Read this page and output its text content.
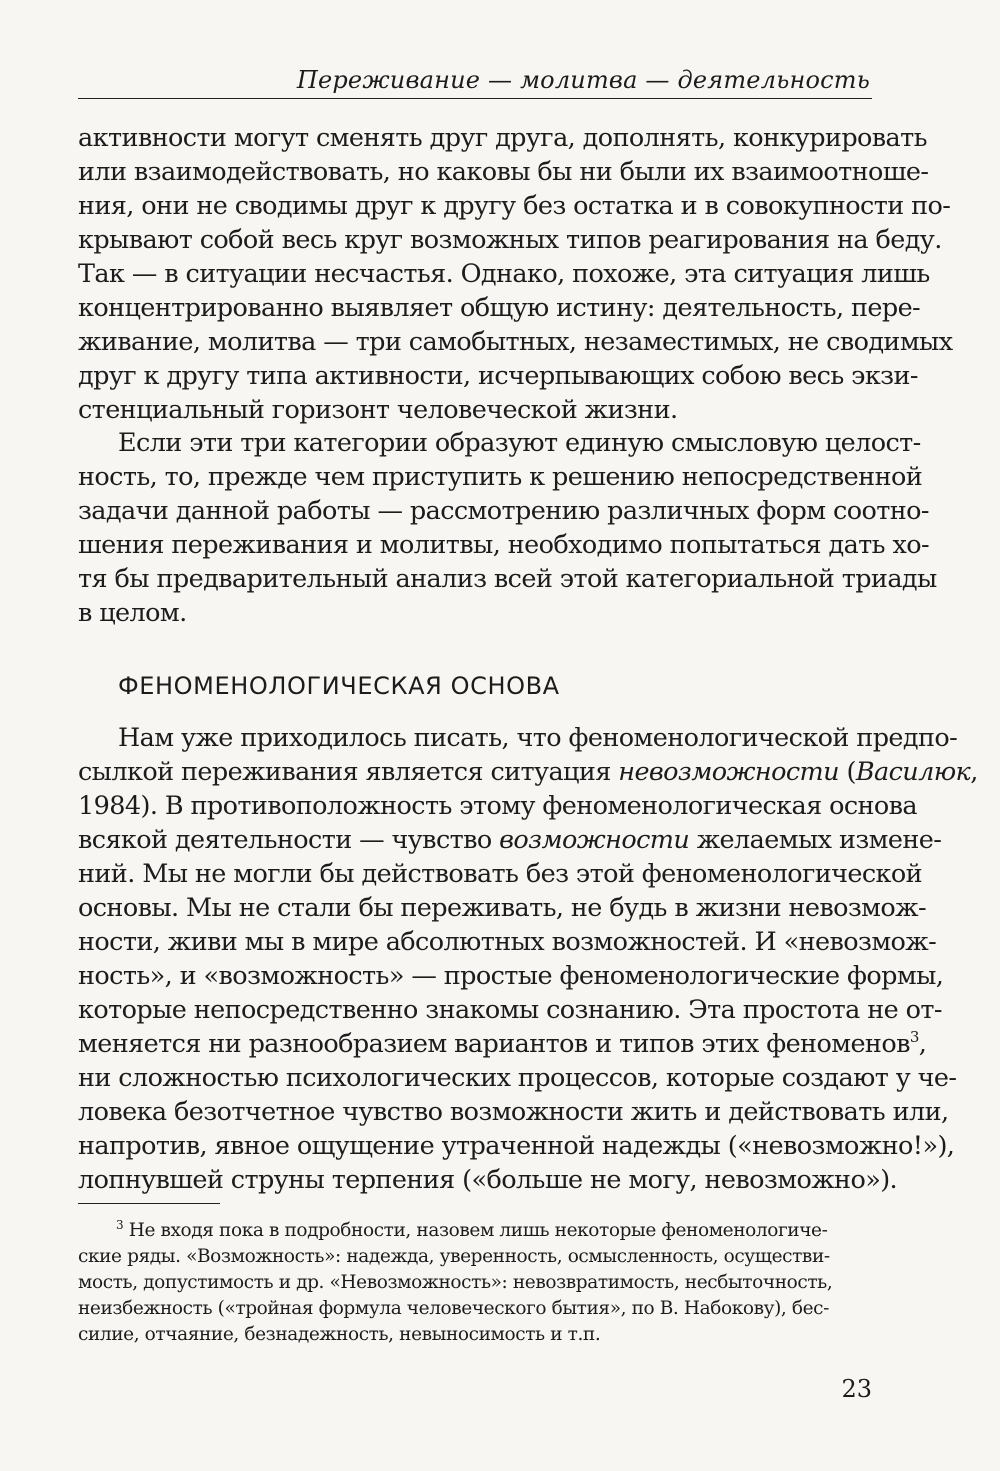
Переживание — молитва — деятельность
активности могут сменять друг друга, дополнять, конкурировать
или взаимодействовать, но каковы бы ни были их взаимоотноше-
ния, они не сводимы друг к другу без остатка и в совокупности по-
крывают собой весь круг возможных типов реагирования на беду.
Так — в ситуации несчастья. Однако, похоже, эта ситуация лишь
концентрированно выявляет общую истину: деятельность, пере-
живание, молитва — три самобытных, незаместимых, не сводимых
друг к другу типа активности, исчерпывающих собою весь экзи-
стенциальный горизонт человеческой жизни.
Если эти три категории образуют единую смысловую целост-
ность, то, прежде чем приступить к решению непосредственной
задачи данной работы — рассмотрению различных форм соотно-
шения переживания и молитвы, необходимо попытаться дать хо-
тя бы предварительный анализ всей этой категориальной триады
в целом.
ФЕНОМЕНОЛОГИЧЕСКАЯ ОСНОВА
Нам уже приходилось писать, что феноменологической предпо-
сылкой переживания является ситуация невозможности (Василюк,
1984). В противоположность этому феноменологическая основа
всякой деятельности — чувство возможности желаемых измене-
ний. Мы не могли бы действовать без этой феноменологической
основы. Мы не стали бы переживать, не будь в жизни невозмож-
ности, живи мы в мире абсолютных возможностей. И «невозмож-
ность», и «возможность» — простые феноменологические формы,
которые непосредственно знакомы сознанию. Эта простота не от-
меняется ни разнообразием вариантов и типов этих феноменов$^3$,
ни сложностью психологических процессов, которые создают у че-
ловека безотчетное чувство возможности жить и действовать или,
напротив, явное ощущение утраченной надежды («невозможно!»),
лопнувшей струны терпения («больше не могу, невозможно»).
$^3$ Не входя пока в подробности, назовем лишь некоторые феноменологиче-
ские ряды. «Возможность»: надежда, уверенность, осмысленность, осуществи-
мость, допустимость и др. «Невозможность»: невозвратимость, несбыточность,
неизбежность («тройная формула человеческого бытия», по В. Набокову), бес-
силие, отчаяние, безнадежность, невыносимость и т.п.
23
